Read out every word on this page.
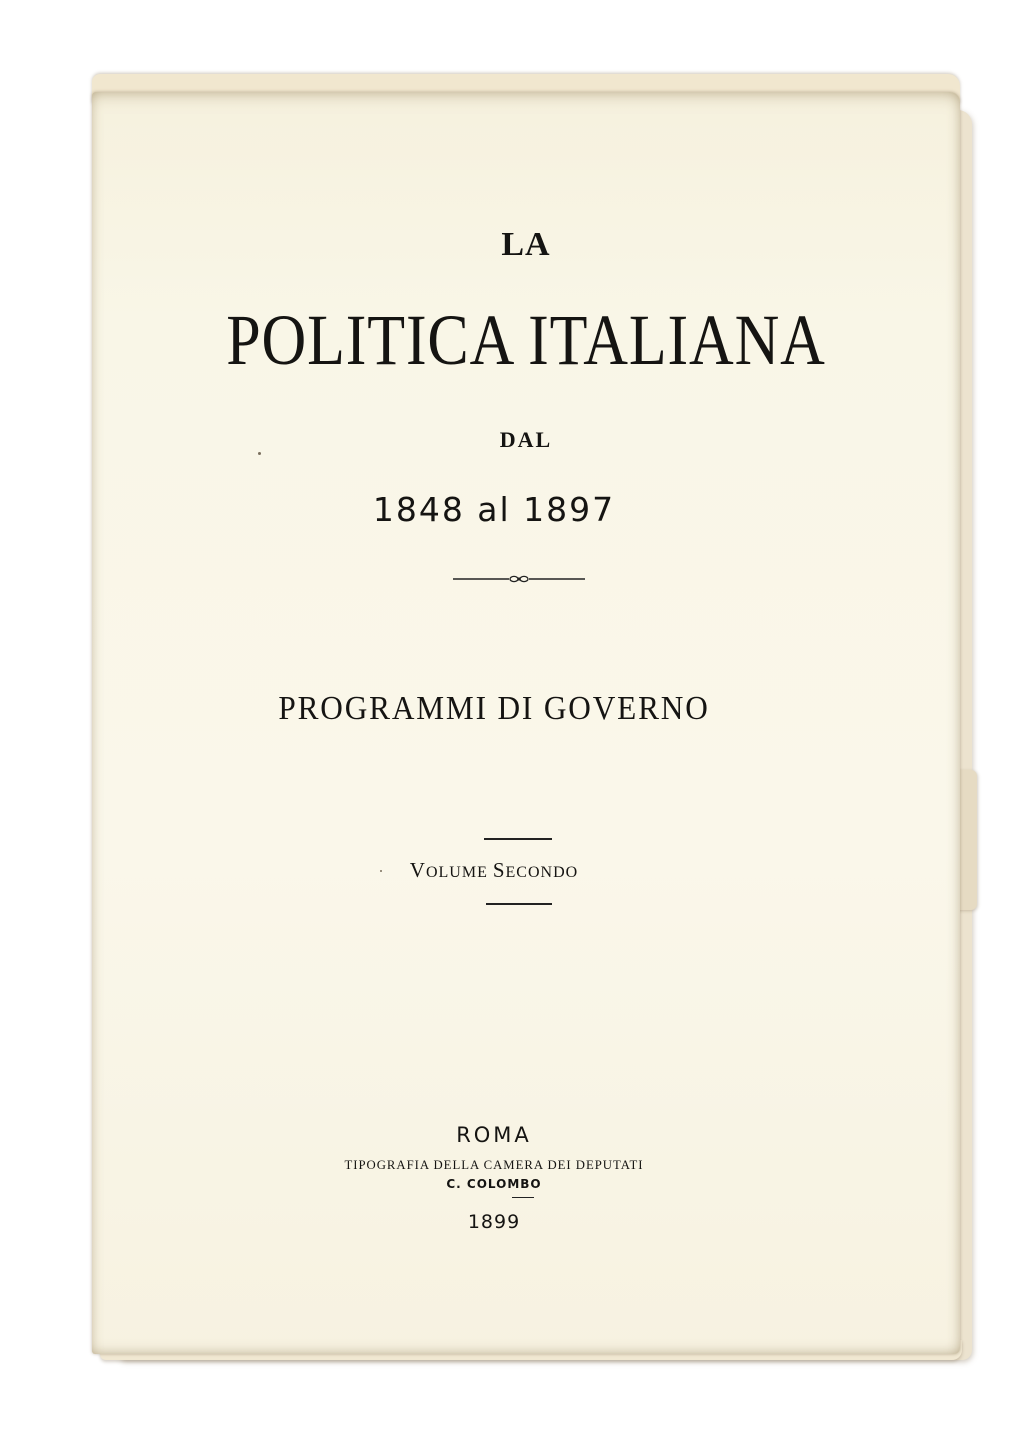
LA

POLITICA ITALIANA

DAL

1848 al 1897

PROGRAMMI DI GOVERNO

VOLUME SECONDO

ROMA

TIPOGRAFIA DELLA CAMERA DEI DEPUTATI

C. COLOMBO

1899
